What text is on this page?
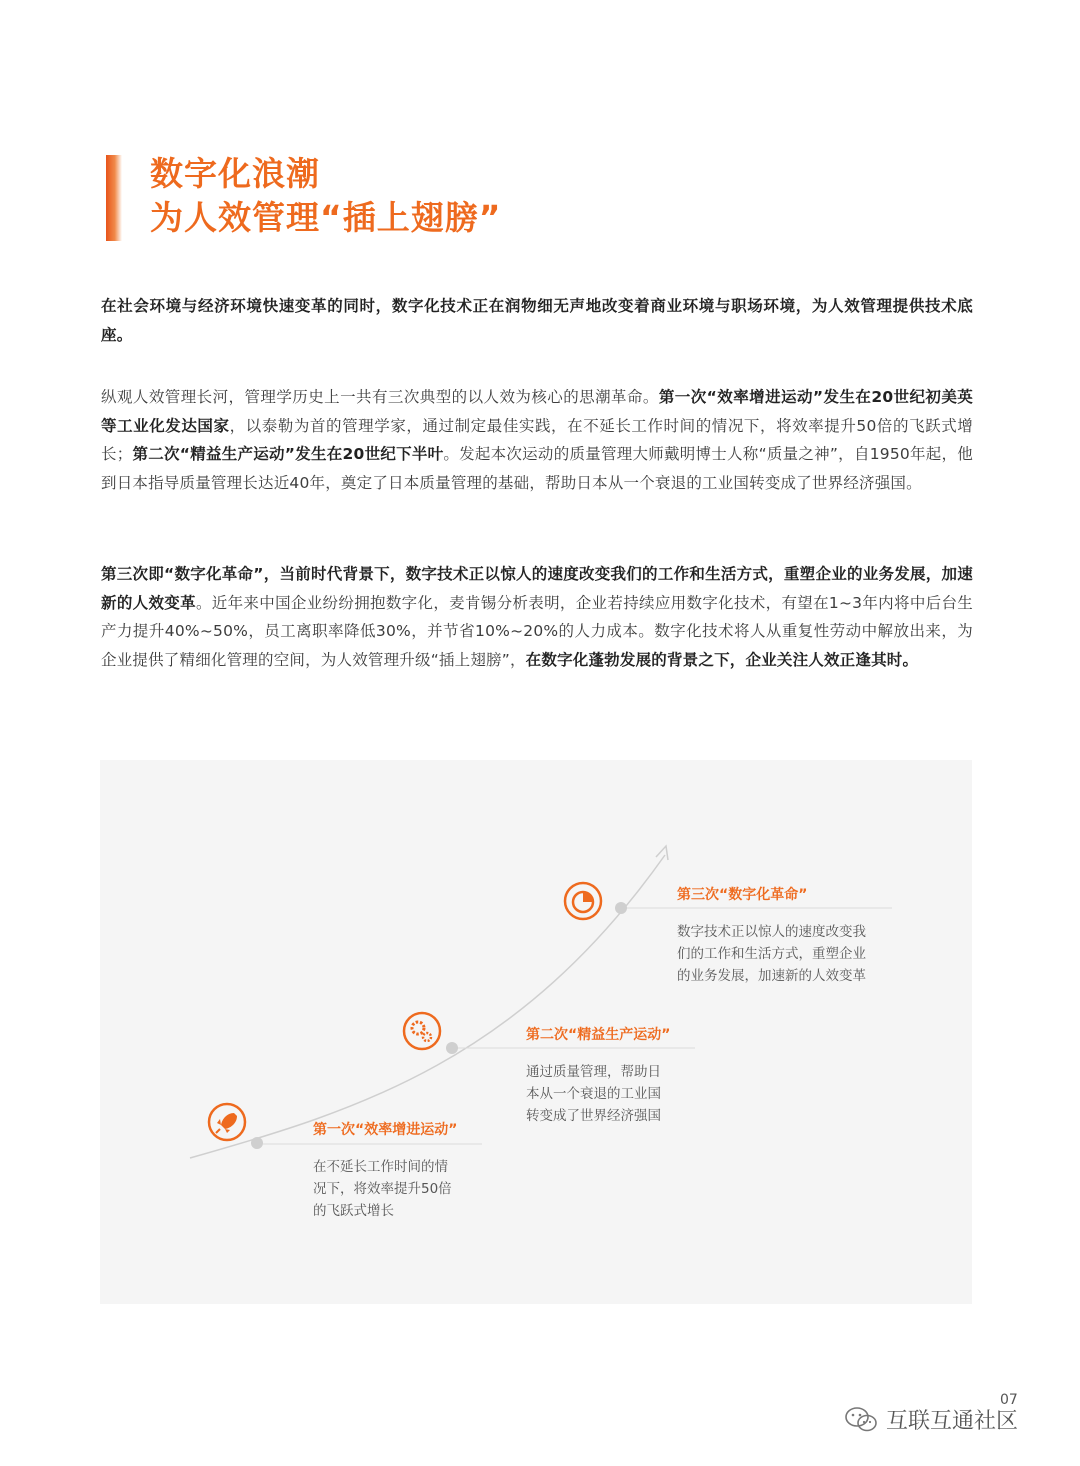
数字化浪潮
为人效管理“插上翅膀”

在社会环境与经济环境快速变革的同时，数字化技术正在润物细无声地改变着商业环境与职场环境，为人效管理提供技术底座。

纵观人效管理长河，管理学历史上一共有三次典型的以人效为核心的思潮革命。第一次“效率增进运动”发生在20世纪初美英等工业化发达国家，以泰勒为首的管理学家，通过制定最佳实践，在不延长工作时间的情况下，将效率提升50倍的飞跃式增长；第二次“精益生产运动”发生在20世纪下半叶。发起本次运动的质量管理大师戴明博士人称“质量之神”，自1950年起，他到日本指导质量管理长达近40年，奠定了日本质量管理的基础，帮助日本从一个衰退的工业国转变成了世界经济强国。

第三次即“数字化革命”，当前时代背景下，数字技术正以惊人的速度改变我们的工作和生活方式，重塑企业的业务发展，加速新的人效变革。近年来中国企业纷纷拥抱数字化，麦肯锡分析表明，企业若持续应用数字化技术，有望在1~3年内将中后台生产力提升40%~50%，员工离职率降低30%，并节省10%~20%的人力成本。数字化技术将人从重复性劳动中解放出来，为企业提供了精细化管理的空间，为人效管理升级“插上翅膀”，在数字化蓬勃发展的背景之下，企业关注人效正逢其时。

第一次“效率增进运动”
在不延长工作时间的情
况下，将效率提升50倍
的飞跃式增长
第二次“精益生产运动”
通过质量管理，帮助日
本从一个衰退的工业国
转变成了世界经济强国
第三次“数字化革命”
数字技术正以惊人的速度改变我
们的工作和生活方式，重塑企业
的业务发展，加速新的人效变革
07
互联互通社区
